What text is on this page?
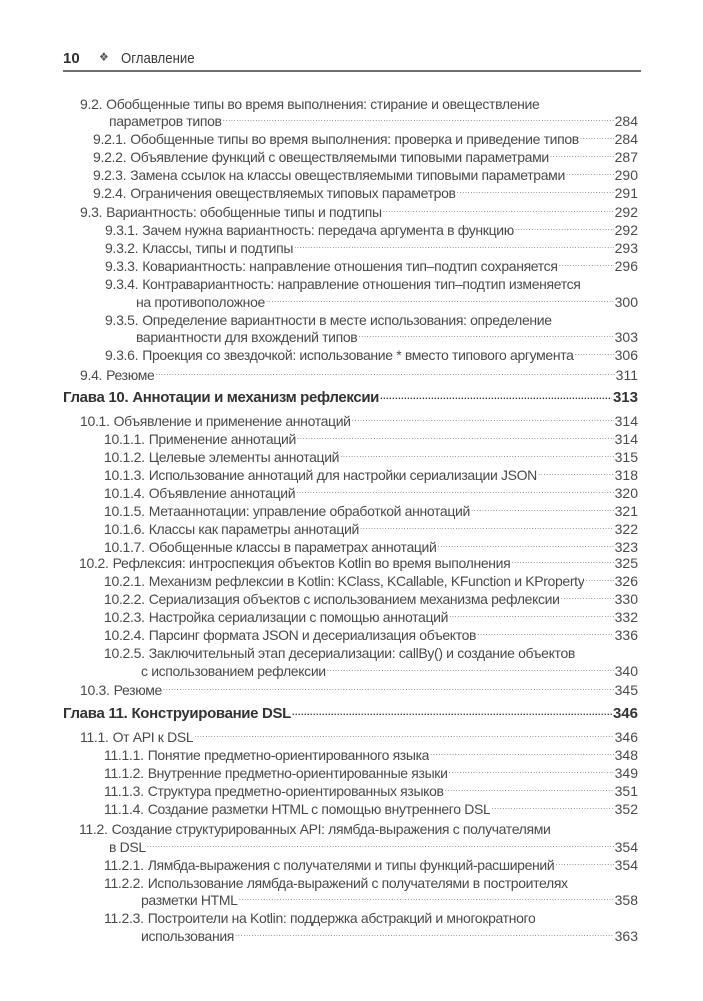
10 ❖ Оглавление
9.2. Обобщенные типы во время выполнения: стирание и овеществление
параметров типов .....	284
9.2.1. Обобщенные типы во время выполнения: проверка и приведение типов .....	284
9.2.2. Объявление функций с овеществляемыми типовыми параметрами .....	287
9.2.3. Замена ссылок на классы овеществляемыми типовыми параметрами .....	290
9.2.4. Ограничения овеществляемых типовых параметров .....	291
9.3. Вариантность: обобщенные типы и подтипы .....	292
9.3.1. Зачем нужна вариантность: передача аргумента в функцию .....	292
9.3.2. Классы, типы и подтипы .....	293
9.3.3. Ковариантность: направление отношения тип–подтип сохраняется .....	296
9.3.4. Контравариантность: направление отношения тип–подтип изменяется
на противоположное .....	300
9.3.5. Определение вариантности в месте использования: определение
вариантности для вхождений типов .....	303
9.3.6. Проекция со звездочкой: использование * вместо типового аргумента .....	306
9.4. Резюме .....	311
Глава 10. Аннотации и механизм рефлексии .....	313
10.1. Объявление и применение аннотаций .....	314
10.1.1. Применение аннотаций .....	314
10.1.2. Целевые элементы аннотаций .....	315
10.1.3. Использование аннотаций для настройки сериализации JSON .....	318
10.1.4. Объявление аннотаций .....	320
10.1.5. Метааннотации: управление обработкой аннотаций .....	321
10.1.6. Классы как параметры аннотаций .....	322
10.1.7. Обобщенные классы в параметрах аннотаций .....	323
10.2. Рефлексия: интроспекция объектов Kotlin во время выполнения .....	325
10.2.1. Механизм рефлексии в Kotlin: KClass, KCallable, KFunction и KProperty ..... 326
10.2.2. Сериализация объектов с использованием механизма рефлексии .....	330
10.2.3. Настройка сериализации с помощью аннотаций .....	332
10.2.4. Парсинг формата JSON и десериализация объектов .....	336
10.2.5. Заключительный этап десериализации: callBy() и создание объектов
с использованием рефлексии .....	340
10.3. Резюме .....	345
Глава 11. Конструирование DSL .....	346
11.1. От API к DSL .....	346
11.1.1. Понятие предметно-ориентированного языка .....	348
11.1.2. Внутренние предметно-ориентированные языки .....	349
11.1.3. Структура предметно-ориентированных языков .....	351
11.1.4. Создание разметки HTML с помощью внутреннего DSL .....	352
11.2. Создание структурированных API: лямбда-выражения с получателями
в DSL .....	354
11.2.1. Лямбда-выражения с получателями и типы функций-расширений .....	354
11.2.2. Использование лямбда-выражений с получателями в построителях
разметки HTML .....	358
11.2.3. Построители на Kotlin: поддержка абстракций и многократного
использования .....	363
